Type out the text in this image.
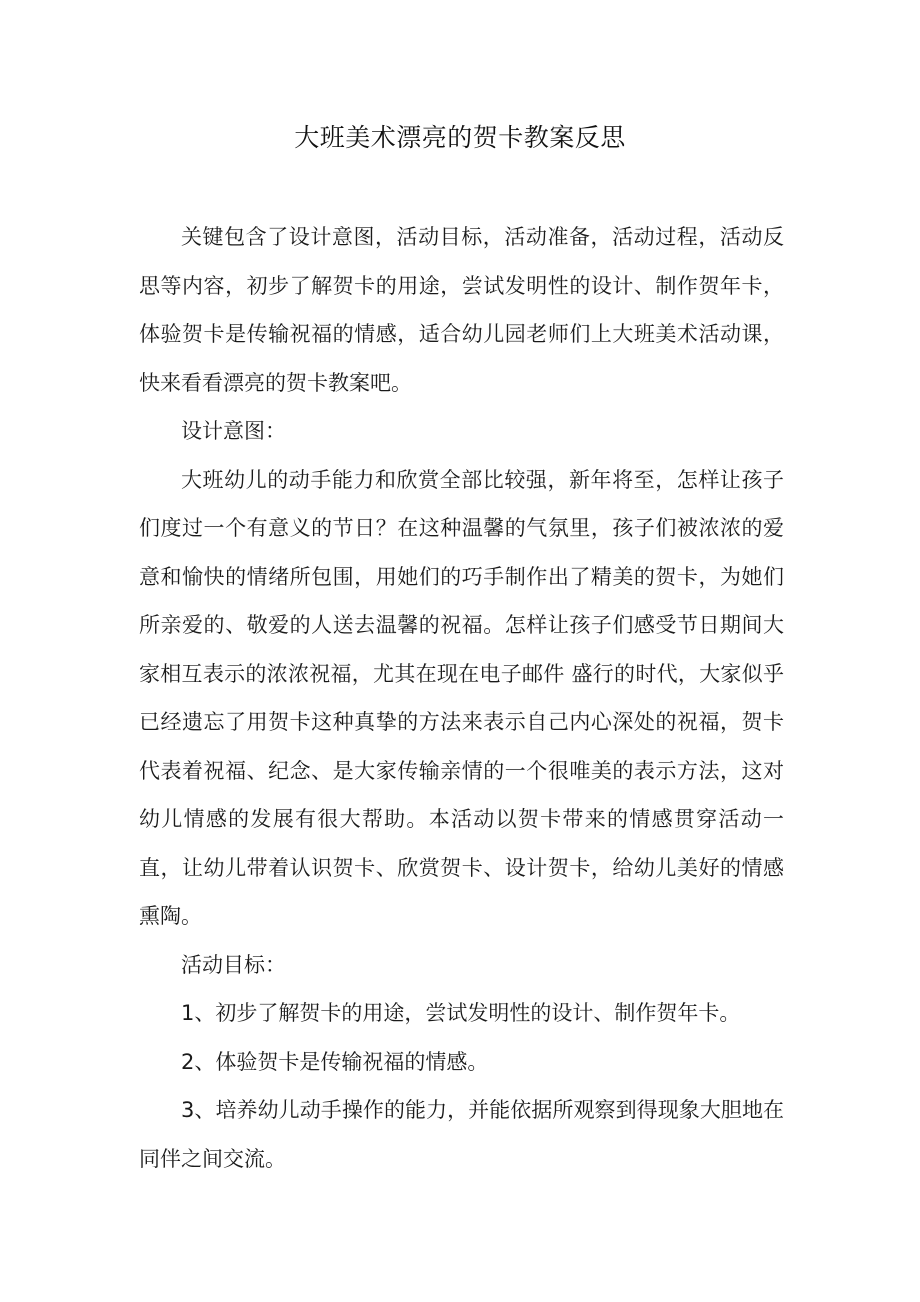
大班美术漂亮的贺卡教案反思

关键包含了设计意图，活动目标，活动准备，活动过程，活动反思等内容，初步了解贺卡的用途，尝试发明性的设计、制作贺年卡，体验贺卡是传输祝福的情感，适合幼儿园老师们上大班美术活动课，快来看看漂亮的贺卡教案吧。

设计意图：

大班幼儿的动手能力和欣赏全部比较强，新年将至，怎样让孩子们度过一个有意义的节日？在这种温馨的气氛里，孩子们被浓浓的爱意和愉快的情绪所包围，用她们的巧手制作出了精美的贺卡，为她们所亲爱的、敬爱的人送去温馨的祝福。怎样让孩子们感受节日期间大家相互表示的浓浓祝福，尤其在现在电子邮件 盛行的时代，大家似乎已经遗忘了用贺卡这种真挚的方法来表示自己内心深处的祝福，贺卡代表着祝福、纪念、是大家传输亲情的一个很唯美的表示方法，这对幼儿情感的发展有很大帮助。本活动以贺卡带来的情感贯穿活动一直，让幼儿带着认识贺卡、欣赏贺卡、设计贺卡，给幼儿美好的情感熏陶。

活动目标：

1、初步了解贺卡的用途，尝试发明性的设计、制作贺年卡。

2、体验贺卡是传输祝福的情感。

3、培养幼儿动手操作的能力，并能依据所观察到得现象大胆地在同伴之间交流。
